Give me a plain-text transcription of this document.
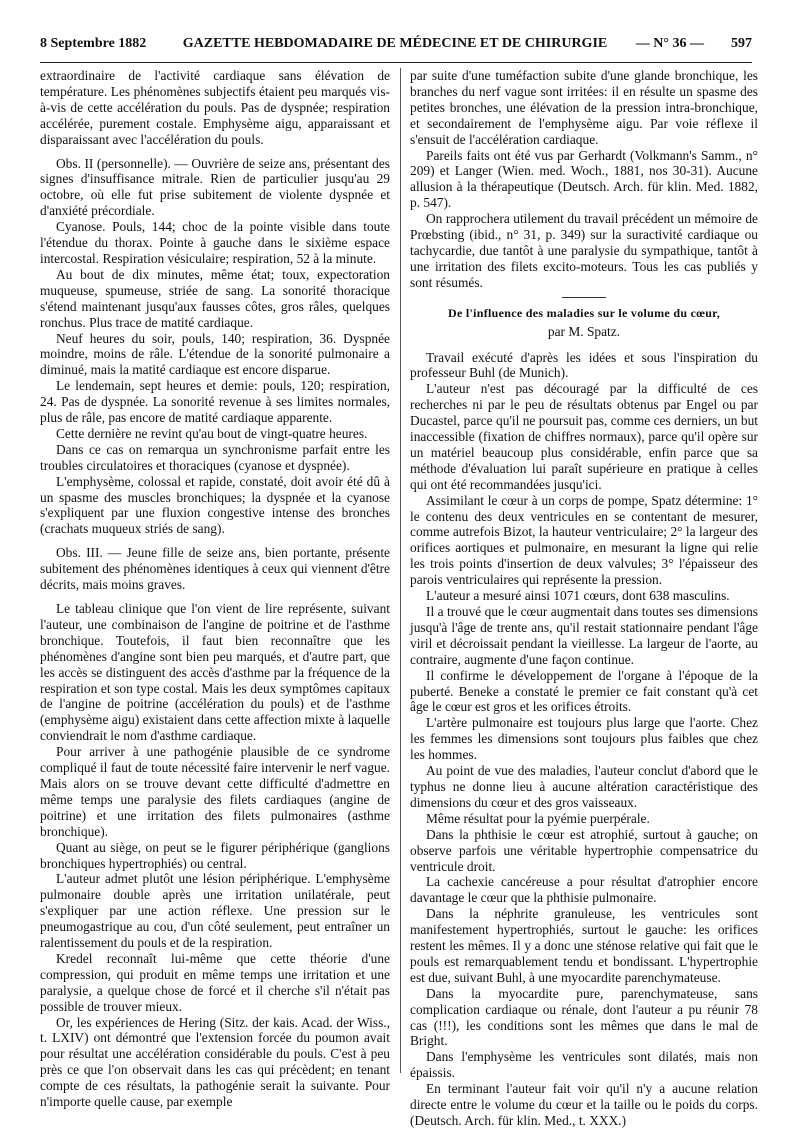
8 Septembre 1882	GAZETTE HEBDOMADAIRE DE MÉDECINE ET DE CHIRURGIE	— N° 36 —	597

extraordinaire de l'activité cardiaque sans élévation de température. Les phénomènes subjectifs étaient peu marqués vis-à-vis de cette accélération du pouls. Pas de dyspnée; respiration accélérée, purement costale. Emphysème aigu, apparaissant et disparaissant avec l'accélération du pouls.

Obs. II (personnelle). — Ouvrière de seize ans, présentant des signes d'insuffisance mitrale. Rien de particulier jusqu'au 29 octobre, où elle fut prise subitement de violente dyspnée et d'anxiété précordiale.

Cyanose. Pouls, 144; choc de la pointe visible dans toute l'étendue du thorax. Pointe à gauche dans le sixième espace intercostal. Respiration vésiculaire; respiration, 52 à la minute.

Au bout de dix minutes, même état; toux, expectoration muqueuse, spumeuse, striée de sang. La sonorité thoracique s'étend maintenant jusqu'aux fausses côtes, gros râles, quelques ronchus. Plus trace de matité cardiaque.

Neuf heures du soir, pouls, 140; respiration, 36. Dyspnée moindre, moins de râle. L'étendue de la sonorité pulmonaire a diminué, mais la matité cardiaque est encore disparue.

Le lendemain, sept heures et demie: pouls, 120; respiration, 24. Pas de dyspnée. La sonorité revenue à ses limites normales, plus de râle, pas encore de matité cardiaque apparente.

Cette dernière ne revint qu'au bout de vingt-quatre heures.

Dans ce cas on remarqua un synchronisme parfait entre les troubles circulatoires et thoraciques (cyanose et dyspnée).

L'emphysème, colossal et rapide, constaté, doit avoir été dû à un spasme des muscles bronchiques; la dyspnée et la cyanose s'expliquent par une fluxion congestive intense des bronches (crachats muqueux striés de sang).

Obs. III. — Jeune fille de seize ans, bien portante, présente subitement des phénomènes identiques à ceux qui viennent d'être décrits, mais moins graves.

Le tableau clinique que l'on vient de lire représente, suivant l'auteur, une combinaison de l'angine de poitrine et de l'asthme bronchique. Toutefois, il faut bien reconnaître que les phénomènes d'angine sont bien peu marqués, et d'autre part, que les accès se distinguent des accès d'asthme par la fréquence de la respiration et son type costal. Mais les deux symptômes capitaux de l'angine de poitrine (accélération du pouls) et de l'asthme (emphysème aigu) existaient dans cette affection mixte à laquelle conviendrait le nom d'asthme cardiaque.

Pour arriver à une pathogénie plausible de ce syndrome compliqué il faut de toute nécessité faire intervenir le nerf vague. Mais alors on se trouve devant cette difficulté d'admettre en même temps une paralysie des filets cardiaques (angine de poitrine) et une irritation des filets pulmonaires (asthme bronchique).

Quant au siège, on peut se le figurer périphérique (ganglions bronchiques hypertrophiés) ou central.

L'auteur admet plutôt une lésion périphérique. L'emphysème pulmonaire double après une irritation unilatérale, peut s'expliquer par une action réflexe. Une pression sur le pneumogastrique au cou, d'un côté seulement, peut entraîner un ralentissement du pouls et de la respiration.

Kredel reconnaît lui-même que cette théorie d'une compression, qui produit en même temps une irritation et une paralysie, a quelque chose de forcé et il cherche s'il n'était pas possible de trouver mieux.

Or, les expériences de Hering (Sitz. der kais. Acad. der Wiss., t. LXIV) ont démontré que l'extension forcée du poumon avait pour résultat une accélération considérable du pouls. C'est à peu près ce que l'on observait dans les cas qui précèdent; en tenant compte de ces résultats, la pathogénie serait la suivante. Pour n'importe quelle cause, par exemple

par suite d'une tuméfaction subite d'une glande bronchique, les branches du nerf vague sont irritées: il en résulte un spasme des petites bronches, une élévation de la pression intra-bronchique, et secondairement de l'emphysème aigu. Par voie réflexe il s'ensuit de l'accélération cardiaque.

Pareils faits ont été vus par Gerhardt (Volkmann's Samm., n° 209) et Langer (Wien. med. Woch., 1881, nos 30-31). Aucune allusion à la thérapeutique (Deutsch. Arch. für klin. Med. 1882, p. 547).

On rapprochera utilement du travail précédent un mémoire de Prœbsting (ibid., n° 31, p. 349) sur la suractivité cardiaque ou tachycardie, due tantôt à une paralysie du sympathique, tantôt à une irritation des filets excito-moteurs. Tous les cas publiés y sont résumés.

De l'influence des maladies sur le volume du cœur,
par M. Spatz.

Travail exécuté d'après les idées et sous l'inspiration du professeur Buhl (de Munich).

L'auteur n'est pas découragé par la difficulté de ces recherches ni par le peu de résultats obtenus par Engel ou par Ducastel, parce qu'il ne poursuit pas, comme ces derniers, un but inaccessible (fixation de chiffres normaux), parce qu'il opère sur un matériel beaucoup plus considérable, enfin parce que sa méthode d'évaluation lui paraît supérieure en pratique à celles qui ont été recommandées jusqu'ici.

Assimilant le cœur à un corps de pompe, Spatz détermine: 1° le contenu des deux ventricules en se contentant de mesurer, comme autrefois Bizot, la hauteur ventriculaire; 2° la largeur des orifices aortiques et pulmonaire, en mesurant la ligne qui relie les trois points d'insertion de deux valvules; 3° l'épaisseur des parois ventriculaires qui représente la pression.

L'auteur a mesuré ainsi 1071 cœurs, dont 638 masculins.

Il a trouvé que le cœur augmentait dans toutes ses dimensions jusqu'à l'âge de trente ans, qu'il restait stationnaire pendant l'âge viril et décroissait pendant la vieillesse. La largeur de l'aorte, au contraire, augmente d'une façon continue.

Il confirme le développement de l'organe à l'époque de la puberté. Beneke a constaté le premier ce fait constant qu'à cet âge le cœur est gros et les orifices étroits.

L'artère pulmonaire est toujours plus large que l'aorte. Chez les femmes les dimensions sont toujours plus faibles que chez les hommes.

Au point de vue des maladies, l'auteur conclut d'abord que le typhus ne donne lieu à aucune altération caractéristique des dimensions du cœur et des gros vaisseaux.

Même résultat pour la pyémie puerpérale.

Dans la phthisie le cœur est atrophié, surtout à gauche; on observe parfois une véritable hypertrophie compensatrice du ventricule droit.

La cachexie cancéreuse a pour résultat d'atrophier encore davantage le cœur que la phthisie pulmonaire.

Dans la néphrite granuleuse, les ventricules sont manifestement hypertrophiés, surtout le gauche: les orifices restent les mêmes. Il y a donc une sténose relative qui fait que le pouls est remarquablement tendu et bondissant. L'hypertrophie est due, suivant Buhl, à une myocardite parenchymateuse.

Dans la myocardite pure, parenchymateuse, sans complication cardiaque ou rénale, dont l'auteur a pu réunir 78 cas (!!!), les conditions sont les mêmes que dans le mal de Bright.

Dans l'emphysème les ventricules sont dilatés, mais non épaissis.

En terminant l'auteur fait voir qu'il n'y a aucune relation directe entre le volume du cœur et la taille ou le poids du corps. (Deutsch. Arch. für klin. Med., t. XXX.)
